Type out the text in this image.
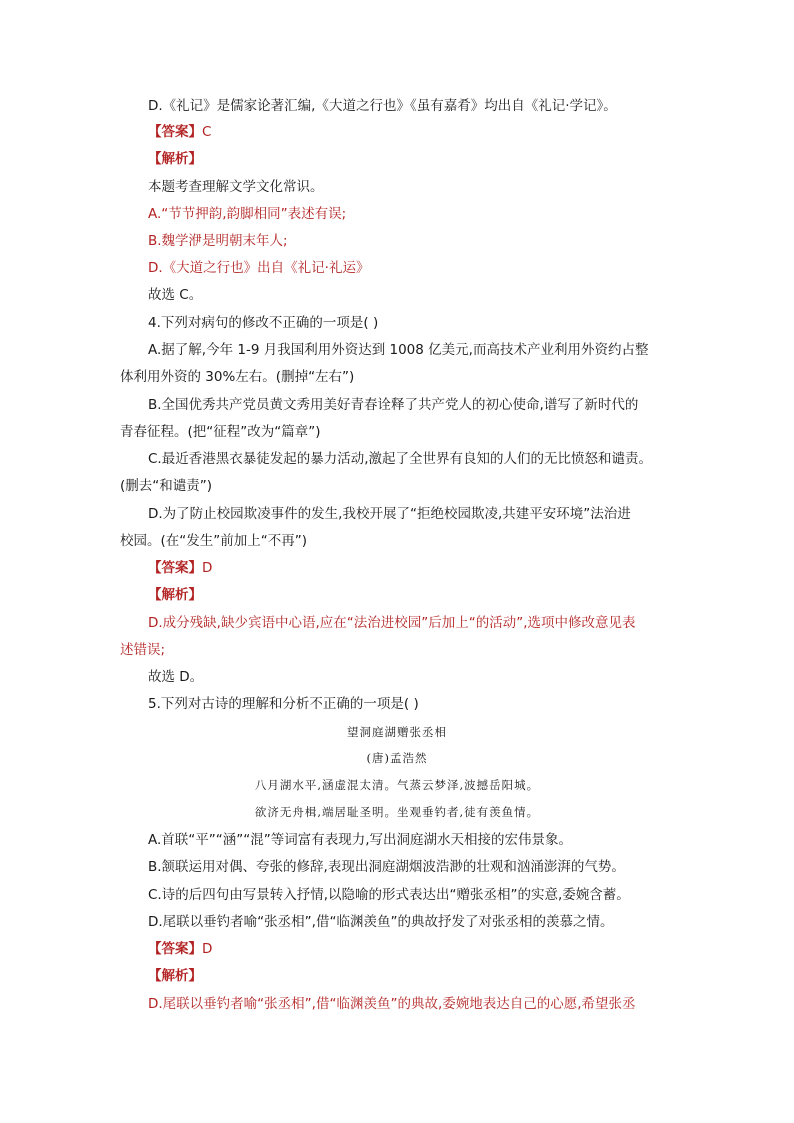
D.《礼记》是儒家论著汇编,《大道之行也》《虽有嘉肴》均出自《礼记·学记》。
【答案】C
【解析】
本题考查理解文学文化常识。
A.“节节押韵,韵脚相同”表述有误;
B.魏学洢是明朝末年人;
D.《大道之行也》出自《礼记·礼运》
故选 C。
4.下列对病句的修改不正确的一项是( )
A.据了解,今年 1-9 月我国利用外资达到 1008 亿美元,而高技术产业利用外资约占整
体利用外资的 30%左右。(删掉“左右”)
B.全国优秀共产党员黄文秀用美好青春诠释了共产党人的初心使命,谱写了新时代的
青春征程。(把“征程”改为“篇章”)
C.最近香港黑衣暴徒发起的暴力活动,激起了全世界有良知的人们的无比愤怒和谴责。
(删去“和谴责”)
D.为了防止校园欺凌事件的发生,我校开展了“拒绝校园欺凌,共建平安环境”法治进
校园。(在“发生”前加上“不再”)
【答案】D
【解析】
D.成分残缺,缺少宾语中心语,应在“法治进校园”后加上“的活动”,选项中修改意见表
述错误;
故选 D。
5.下列对古诗的理解和分析不正确的一项是( )
望洞庭湖赠张丞相
(唐)孟浩然
八月湖水平,涵虚混太清。气蒸云梦泽,波撼岳阳城。
欲济无舟楫,端居耻圣明。坐观垂钓者,徒有羡鱼情。
A.首联“平”“涵”“混”等词富有表现力,写出洞庭湖水天相接的宏伟景象。
B.颔联运用对偶、夸张的修辞,表现出洞庭湖烟波浩渺的壮观和汹涌澎湃的气势。
C.诗的后四句由写景转入抒情,以隐喻的形式表达出“赠张丞相”的实意,委婉含蓄。
D.尾联以垂钓者喻“张丞相”,借“临渊羡鱼”的典故抒发了对张丞相的羡慕之情。
【答案】D
【解析】
D.尾联以垂钓者喻“张丞相”,借“临渊羡鱼”的典故,委婉地表达自己的心愿,希望张丞
